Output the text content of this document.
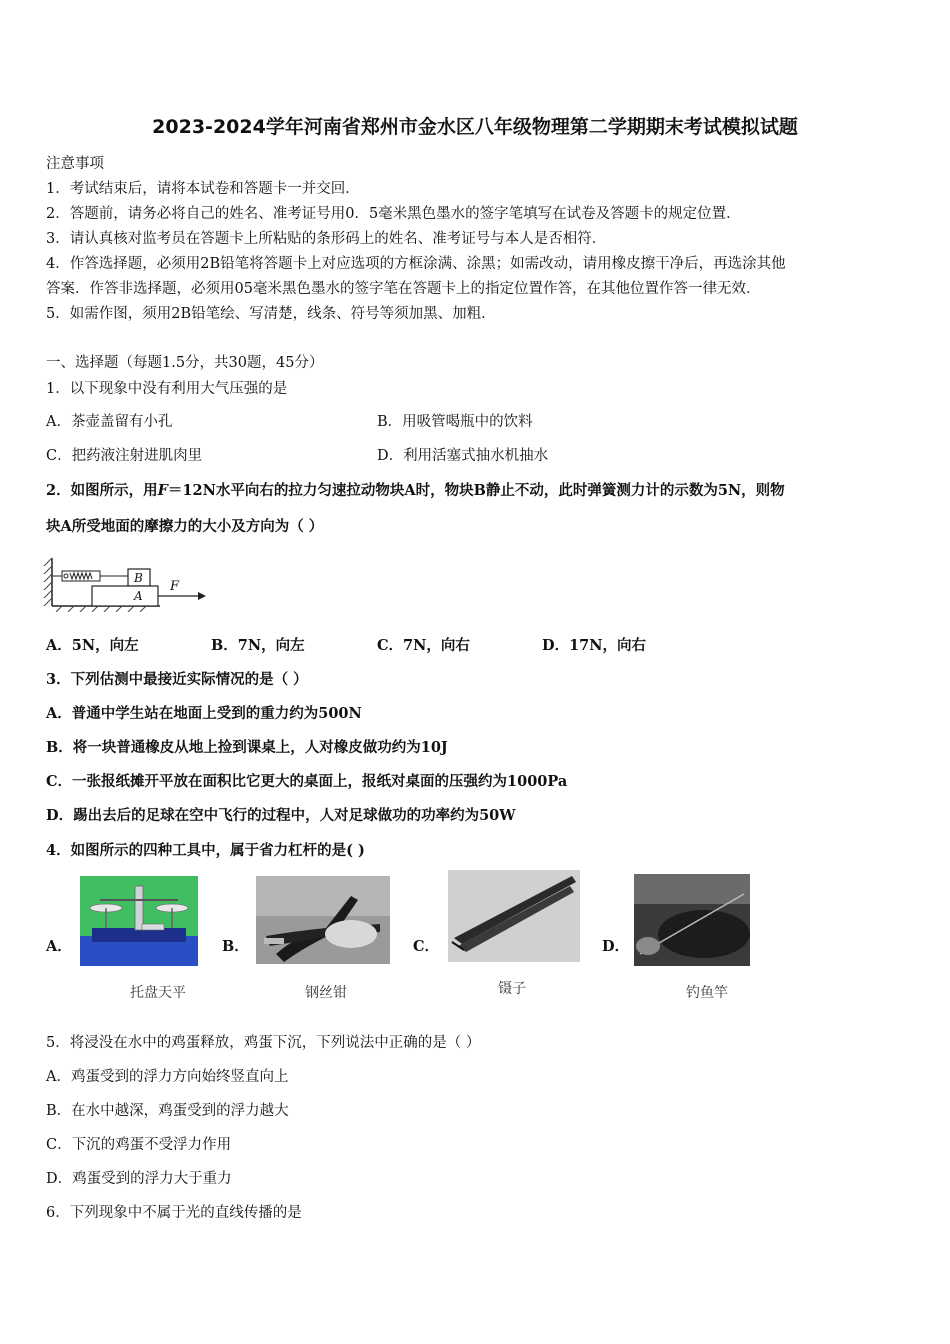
2023-2024学年河南省郑州市金水区八年级物理第二学期期末考试模拟试题
注意事项
1．考试结束后，请将本试卷和答题卡一并交回．
2．答题前，请务必将自己的姓名、准考证号用0．5毫米黑色墨水的签字笔填写在试卷及答题卡的规定位置．
3．请认真核对监考员在答题卡上所粘贴的条形码上的姓名、准考证号与本人是否相符．
4．作答选择题，必须用2B铅笔将答题卡上对应选项的方框涂满、涂黑；如需改动，请用橡皮擦干净后，再选涂其他
答案．作答非选择题，必须用05毫米黑色墨水的签字笔在答题卡上的指定位置作答，在其他位置作答一律无效．
5．如需作图，须用2B铅笔绘、写清楚，线条、符号等须加黑、加粗．
一、选择题（每题1.5分，共30题，45分）
1．以下现象中没有利用大气压强的是
A．茶壶盖留有小孔	B．用吸管喝瓶中的饮料
C．把药液注射进肌肉里	D．利用活塞式抽水机抽水
2．如图所示，用F＝12N水平向右的拉力匀速拉动物块A时，物块B静止不动，此时弹簧测力计的示数为5N，则物
块A所受地面的摩擦力的大小及方向为（ ）
B
A
F
A．5N，向左	B．7N，向左	C．7N，向右	D．17N，向右
3．下列估测中最接近实际情况的是（ ）
A．普通中学生站在地面上受到的重力约为500N
B．将一块普通橡皮从地上捡到课桌上，人对橡皮做功约为10J
C．一张报纸摊开平放在面积比它更大的桌面上，报纸对桌面的压强约为1000Pa
D．踢出去后的足球在空中飞行的过程中，人对足球做功的功率约为50W
4．如图所示的四种工具中，属于省力杠杆的是( )
A．	B．	C．	D．
托盘天平	钢丝钳	镊子	钓鱼竿
5．将浸没在水中的鸡蛋释放，鸡蛋下沉，下列说法中正确的是（ ）
A．鸡蛋受到的浮力方向始终竖直向上
B．在水中越深，鸡蛋受到的浮力越大
C．下沉的鸡蛋不受浮力作用
D．鸡蛋受到的浮力大于重力
6．下列现象中不属于光的直线传播的是
